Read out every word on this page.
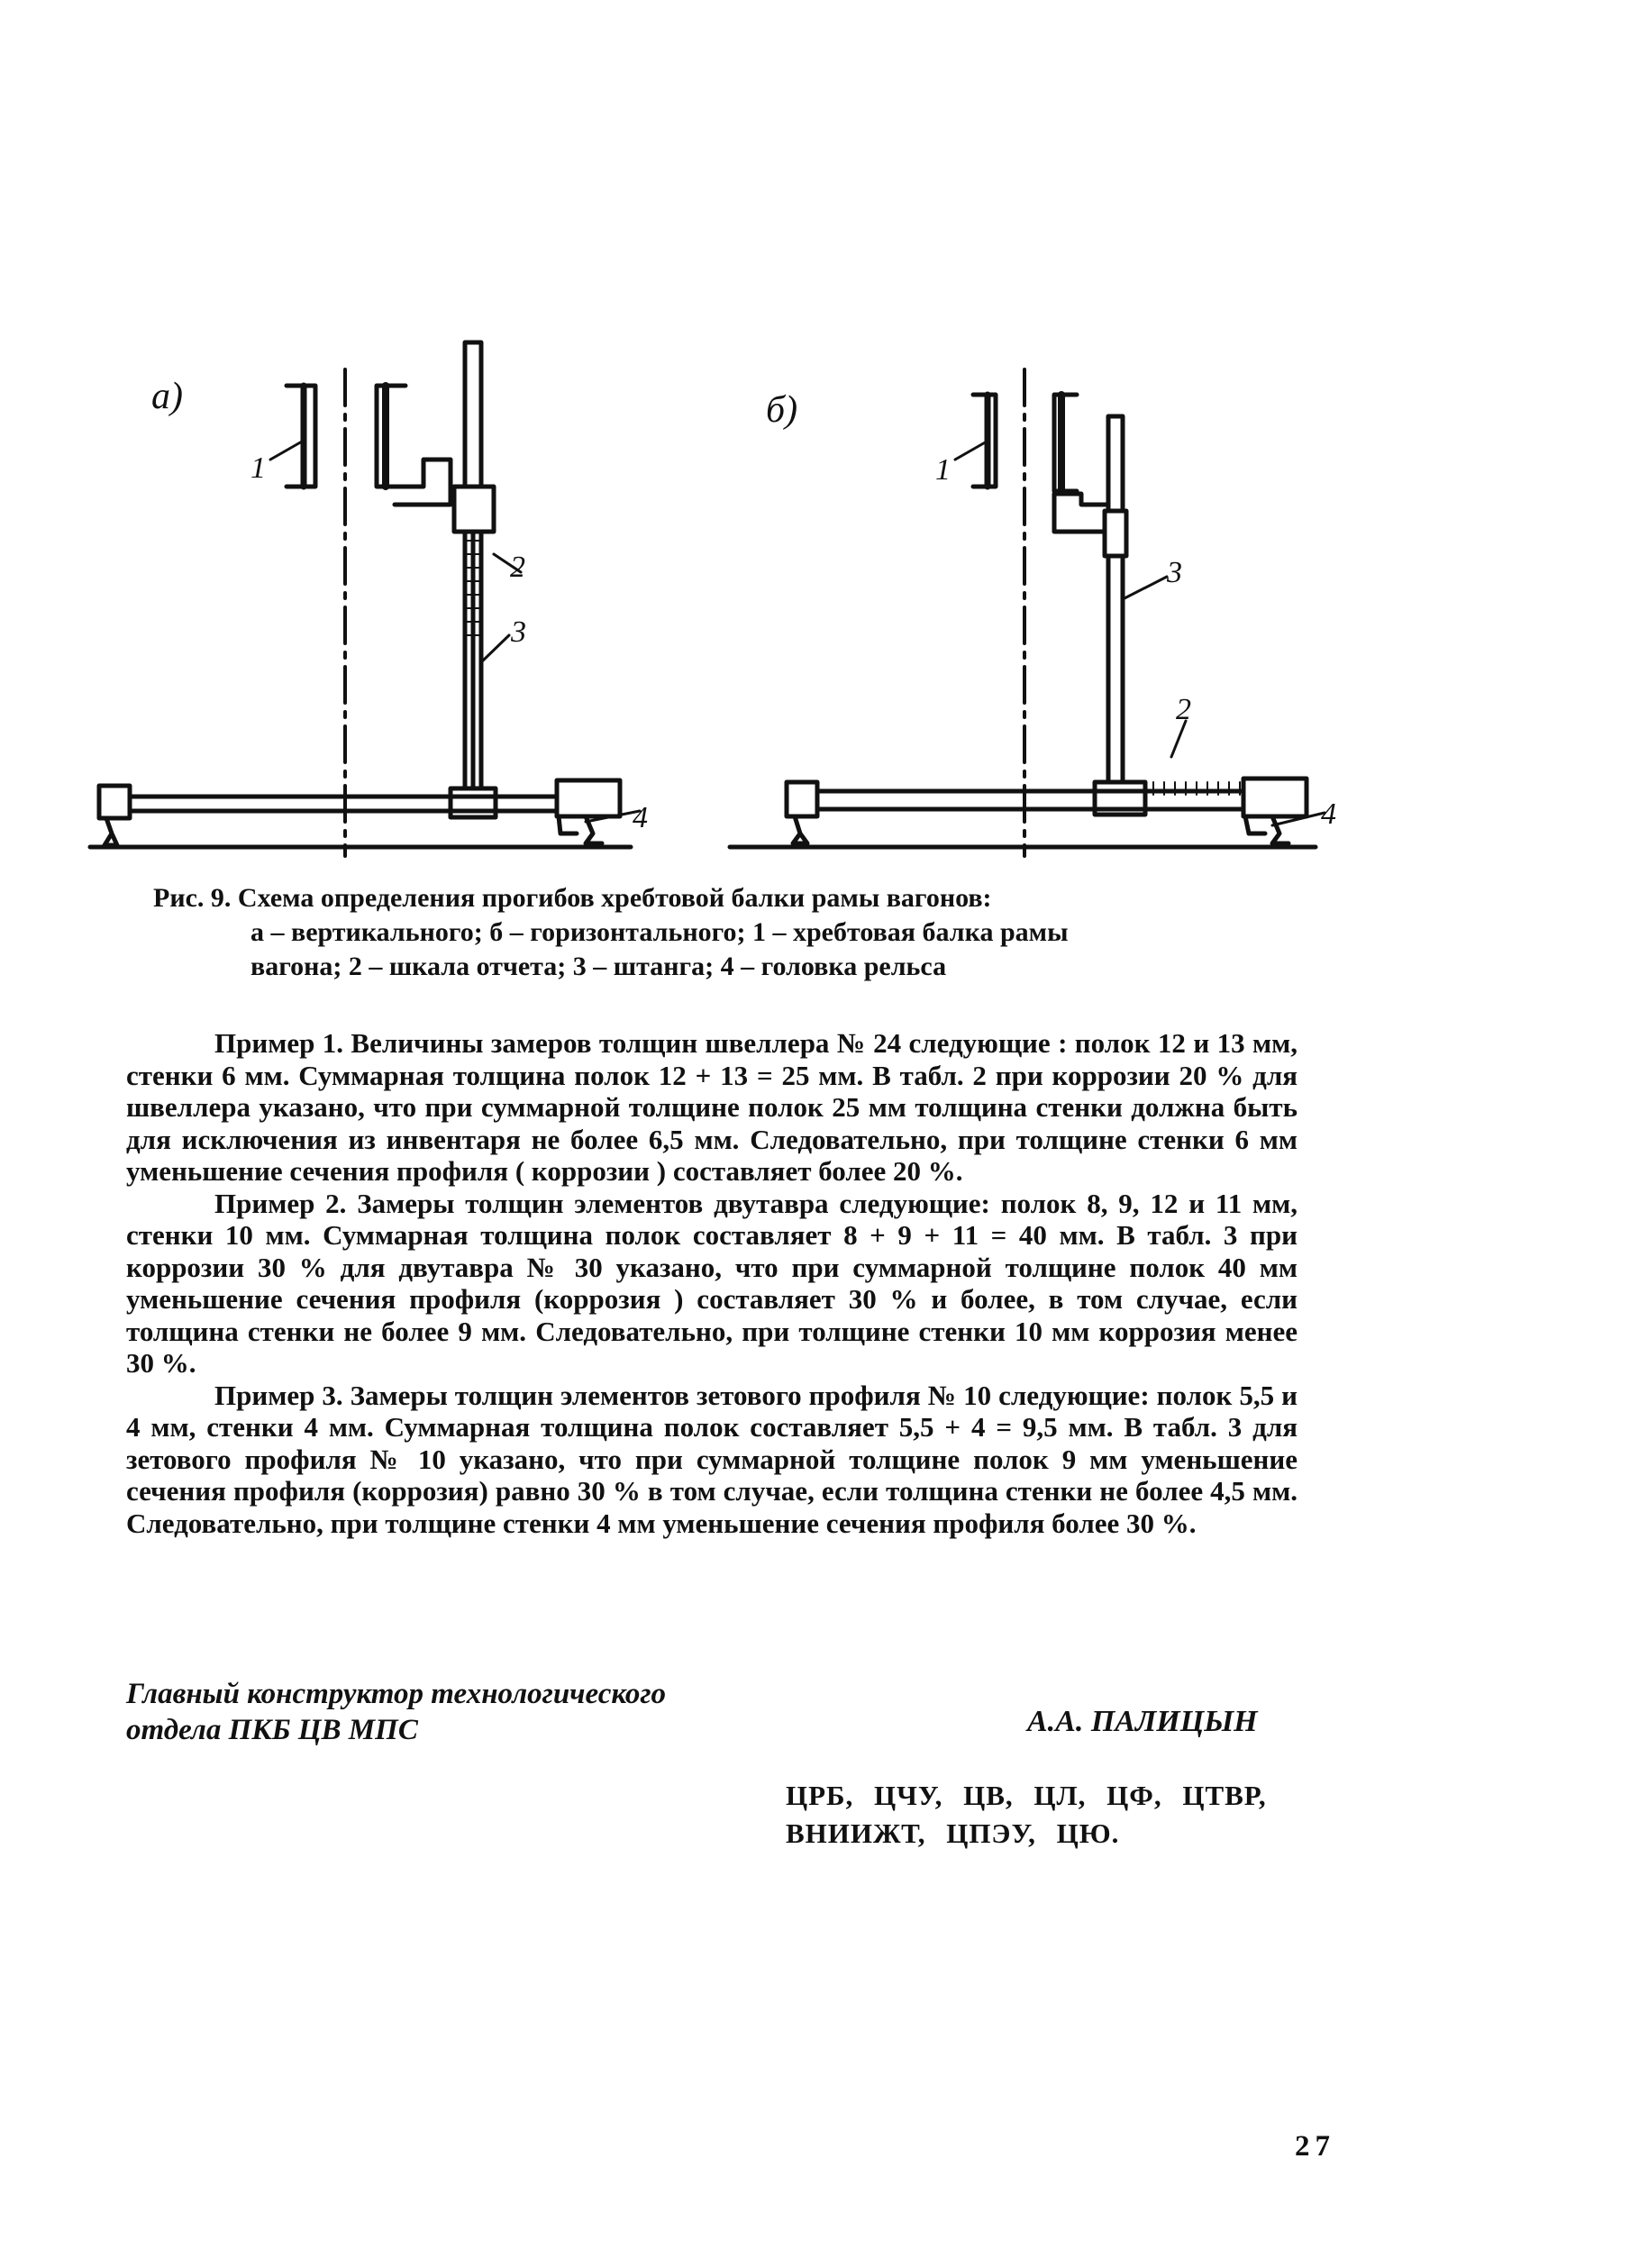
а)	б)
1
2
3
4
1
3
2
4
Рис. 9. Схема определения прогибов хребтовой балки рамы вагонов:
а – вертикального; б – горизонтального; 1 – хребтовая балка рамы
вагона; 2 – шкала отчета; 3 – штанга; 4 – головка рельса

Пример 1. Величины замеров толщин швеллера № 24 следующие : полок 12 и 13 мм, стенки 6 мм. Суммарная толщина полок 12 + 13 = 25 мм. В табл. 2 при коррозии 20 % для швеллера указано, что при суммарной толщине полок 25 мм толщина стенки должна быть для исключения из инвентаря не более 6,5 мм. Следовательно, при толщине стенки 6 мм уменьшение сечения профиля ( коррозии ) составляет более 20 %.

Пример 2. Замеры толщин элементов двутавра следующие: полок 8, 9, 12 и 11 мм, стенки 10 мм. Суммарная толщина полок составляет 8 + 9 + 11 = 40 мм. В табл. 3 при коррозии 30 % для двутавра № 30 указано, что при суммарной толщине полок 40 мм уменьшение сечения профиля (коррозия ) составляет 30 % и более, в том случае, если толщина стенки не более 9 мм. Следовательно, при толщине стенки 10 мм коррозия менее 30 %.

Пример 3. Замеры толщин элементов зетового профиля № 10 следующие: полок 5,5 и 4 мм, стенки 4 мм. Суммарная толщина полок составляет 5,5 + 4 = 9,5 мм. В табл. 3 для зетового профиля № 10 указано, что при суммарной толщине полок 9 мм уменьшение сечения профиля (коррозия) равно 30 % в том случае, если толщина стенки не более 4,5 мм. Следовательно, при толщине стенки 4 мм уменьшение сечения профиля более 30 %.

Главный конструктор технологического
отдела ПКБ ЦВ МПС	А.А. ПАЛИЦЫН
ЦРБ, ЦЧУ, ЦВ, ЦЛ, ЦФ, ЦТВР,
ВНИИЖТ, ЦПЭУ, ЦЮ.
27
